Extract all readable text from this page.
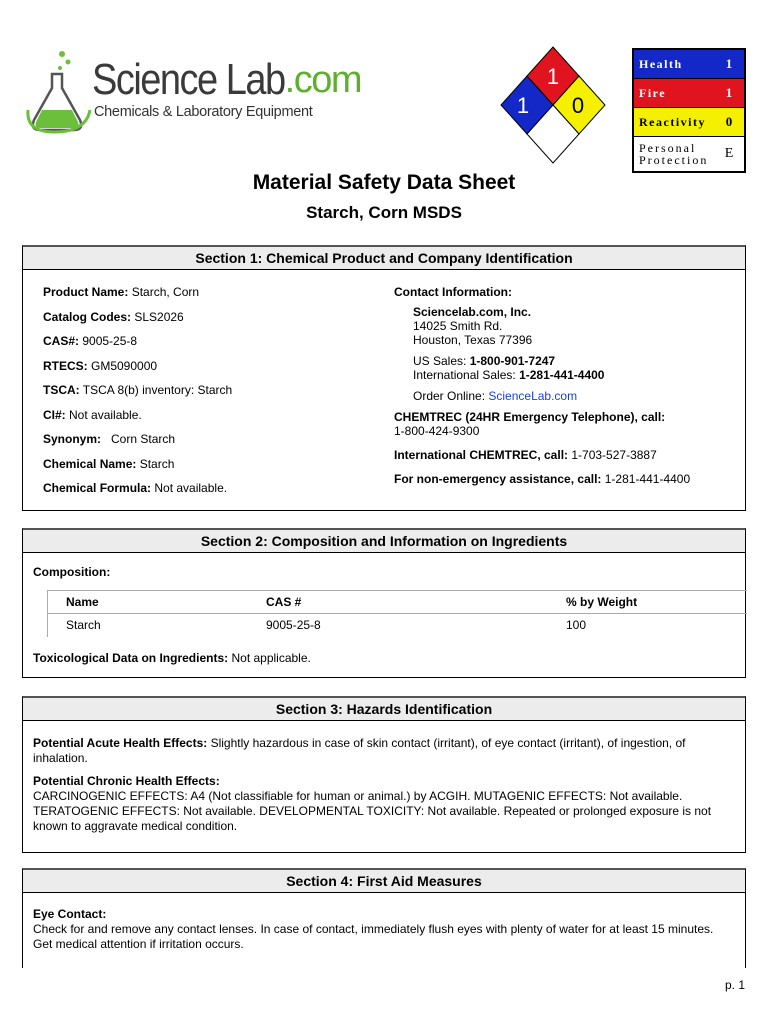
Science Lab.com
Chemicals & Laboratory Equipment
1
1 0
Health	1
Fire	1
Reactivity	0
Personal
Protection	E
Material Safety Data Sheet
Starch, Corn MSDS
Section 1: Chemical Product and Company Identification
Product Name: Starch, Corn
Catalog Codes: SLS2026
CAS#: 9005-25-8
RTECS: GM5090000
TSCA: TSCA 8(b) inventory: Starch
CI#: Not available.
Synonym:   Corn Starch
Chemical Name: Starch
Chemical Formula: Not available.
Contact Information:
Sciencelab.com, Inc.
14025 Smith Rd.
Houston, Texas 77396
US Sales: 1-800-901-7247
International Sales: 1-281-441-4400
Order Online: ScienceLab.com
CHEMTREC (24HR Emergency Telephone), call:
1-800-424-9300
International CHEMTREC, call: 1-703-527-3887
For non-emergency assistance, call: 1-281-441-4400
Section 2: Composition and Information on Ingredients
Composition:
Name	CAS #	% by Weight
Starch	9005-25-8	100
Toxicological Data on Ingredients: Not applicable.
Section 3: Hazards Identification

Potential Acute Health Effects: Slightly hazardous in case of skin contact (irritant), of eye contact (irritant), of ingestion, of inhalation.

Potential Chronic Health Effects:

CARCINOGENIC EFFECTS: A4 (Not classifiable for human or animal.) by ACGIH. MUTAGENIC EFFECTS: Not available. TERATOGENIC EFFECTS: Not available. DEVELOPMENTAL TOXICITY: Not available. Repeated or prolonged exposure is not known to aggravate medical condition.

Section 4: First Aid Measures

Eye Contact:

Check for and remove any contact lenses. In case of contact, immediately flush eyes with plenty of water for at least 15 minutes. Get medical attention if irritation occurs.

p. 1
